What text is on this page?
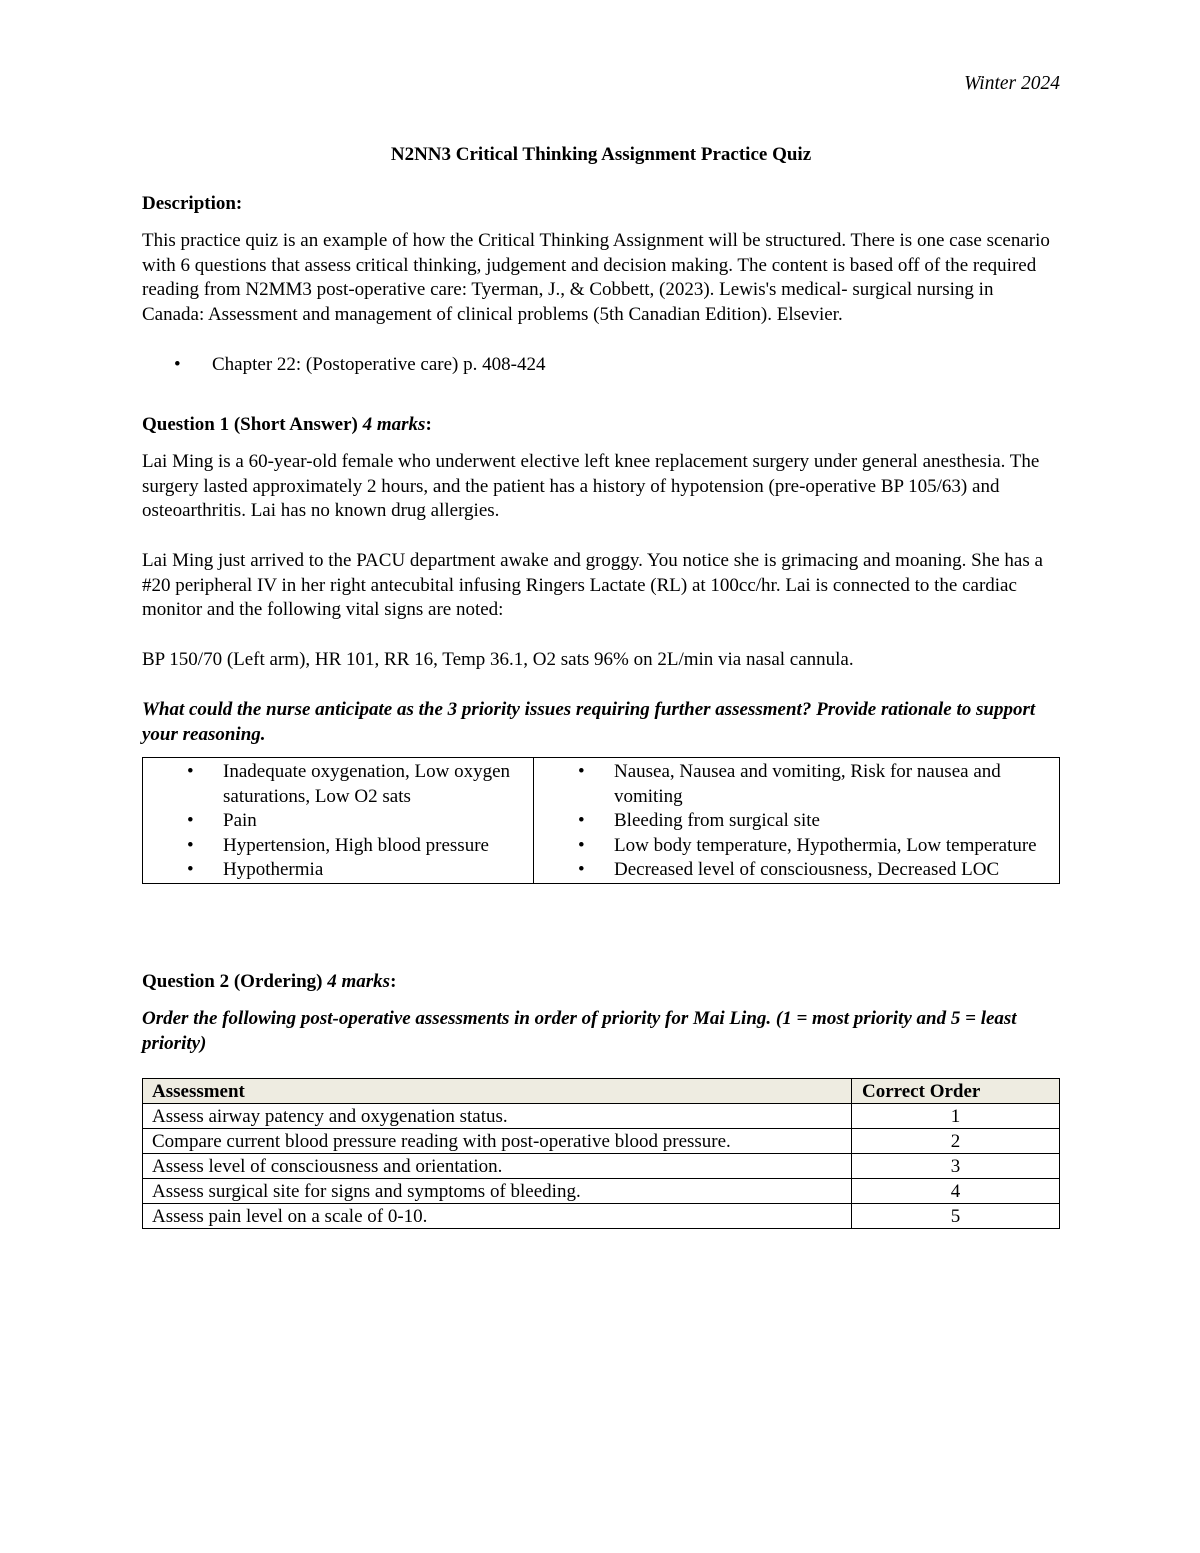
Winter 2024
N2NN3 Critical Thinking Assignment Practice Quiz
Description:
This practice quiz is an example of how the Critical Thinking Assignment will be structured. There is one case scenario with 6 questions that assess critical thinking, judgement and decision making. The content is based off of the required reading from N2MM3 post-operative care: Tyerman, J., & Cobbett, (2023). Lewis's medical- surgical nursing in Canada: Assessment and management of clinical problems (5th Canadian Edition). Elsevier.
• Chapter 22: (Postoperative care) p. 408-424
Question 1 (Short Answer) 4 marks:
Lai Ming is a 60-year-old female who underwent elective left knee replacement surgery under general anesthesia. The surgery lasted approximately 2 hours, and the patient has a history of hypotension (pre-operative BP 105/63) and osteoarthritis. Lai has no known drug allergies.
Lai Ming just arrived to the PACU department awake and groggy. You notice she is grimacing and moaning. She has a #20 peripheral IV in her right antecubital infusing Ringers Lactate (RL) at 100cc/hr. Lai is connected to the cardiac monitor and the following vital signs are noted:
BP 150/70 (Left arm), HR 101, RR 16, Temp 36.1, O2 sats 96% on 2L/min via nasal cannula.
What could the nurse anticipate as the 3 priority issues requiring further assessment? Provide rationale to support your reasoning.
• Inadequate oxygenation, Low oxygen saturations, Low O2 sats
• Pain
• Hypertension, High blood pressure
• Hypothermia

• Nausea, Nausea and vomiting, Risk for nausea and vomiting
• Bleeding from surgical site
• Low body temperature, Hypothermia, Low temperature
• Decreased level of consciousness, Decreased LOC
Question 2 (Ordering) 4 marks:
Order the following post-operative assessments in order of priority for Mai Ling. (1 = most priority and 5 = least priority)
Assessment	Correct Order
Assess airway patency and oxygenation status.	1
Compare current blood pressure reading with post-operative blood pressure.	2
Assess level of consciousness and orientation.	3
Assess surgical site for signs and symptoms of bleeding.	4
Assess pain level on a scale of 0-10.	5
